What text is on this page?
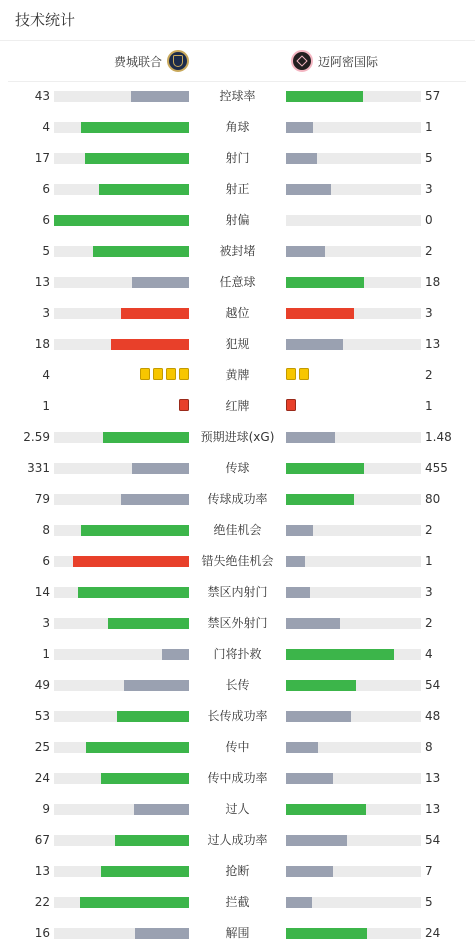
技术统计
费城联合	迈阿密国际
43	控球率	57
4	角球	1
17	射门	5
6	射正	3
6	射偏	0
5	被封堵	2
13	任意球	18
3	越位	3
18	犯规	13
4	黄牌	2
1	红牌	1
2.59	预期进球(xG)	1.48
331	传球	455
79	传球成功率	80
8	绝佳机会	2
6	错失绝佳机会	1
14	禁区内射门	3
3	禁区外射门	2
1	门将扑救	4
49	长传	54
53	长传成功率	48
25	传中	8
24	传中成功率	13
9	过人	13
67	过人成功率	54
13	抢断	7
22	拦截	5
16	解围	24
